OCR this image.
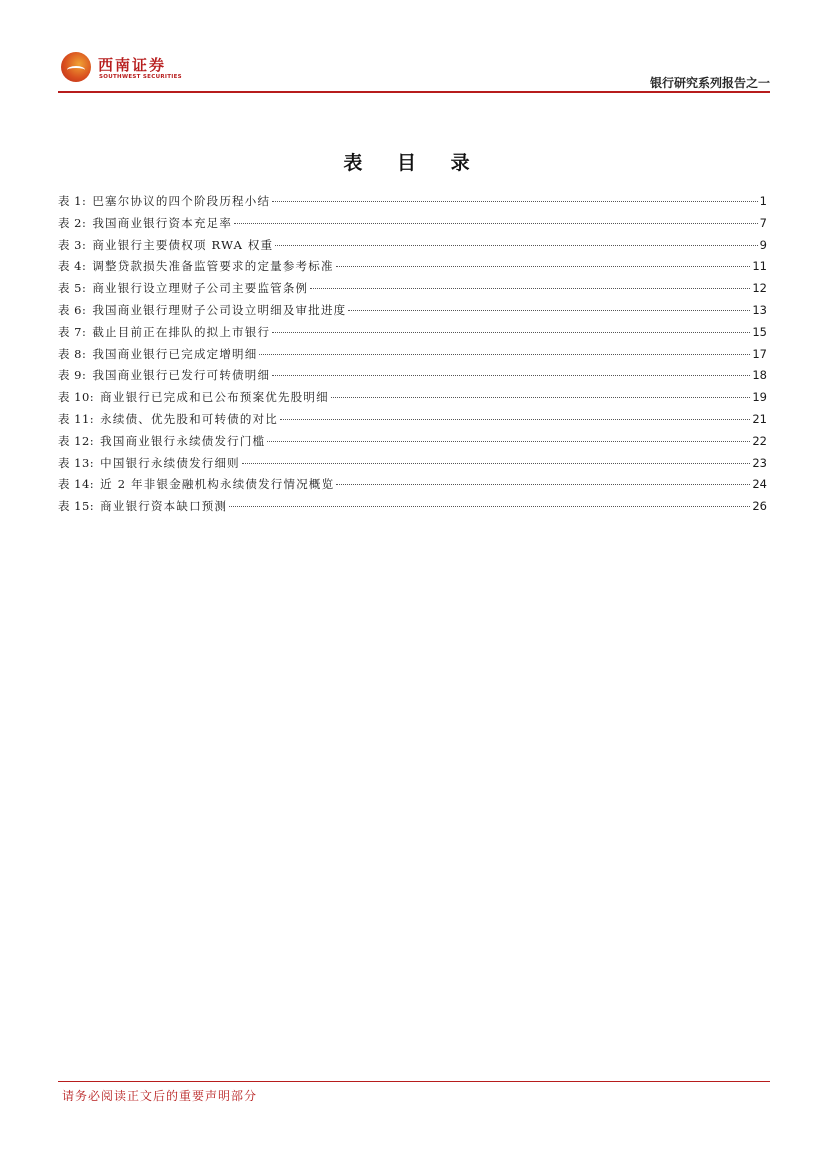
西南证券
SOUTHWEST SECURITIES	银行研究系列报告之一
表 目 录
表 1: 巴塞尔协议的四个阶段历程小结	1
表 2: 我国商业银行资本充足率	7
表 3: 商业银行主要债权项 RWA 权重	9
表 4: 调整贷款损失准备监管要求的定量参考标准	11
表 5: 商业银行设立理财子公司主要监管条例	12
表 6: 我国商业银行理财子公司设立明细及审批进度	13
表 7: 截止目前正在排队的拟上市银行	15
表 8: 我国商业银行已完成定增明细	17
表 9: 我国商业银行已发行可转债明细	18
表 10: 商业银行已完成和已公布预案优先股明细	19
表 11: 永续债、优先股和可转债的对比	21
表 12: 我国商业银行永续债发行门槛	22
表 13: 中国银行永续债发行细则	23
表 14: 近 2 年非银金融机构永续债发行情况概览	24
表 15: 商业银行资本缺口预测	26
请务必阅读正文后的重要声明部分
